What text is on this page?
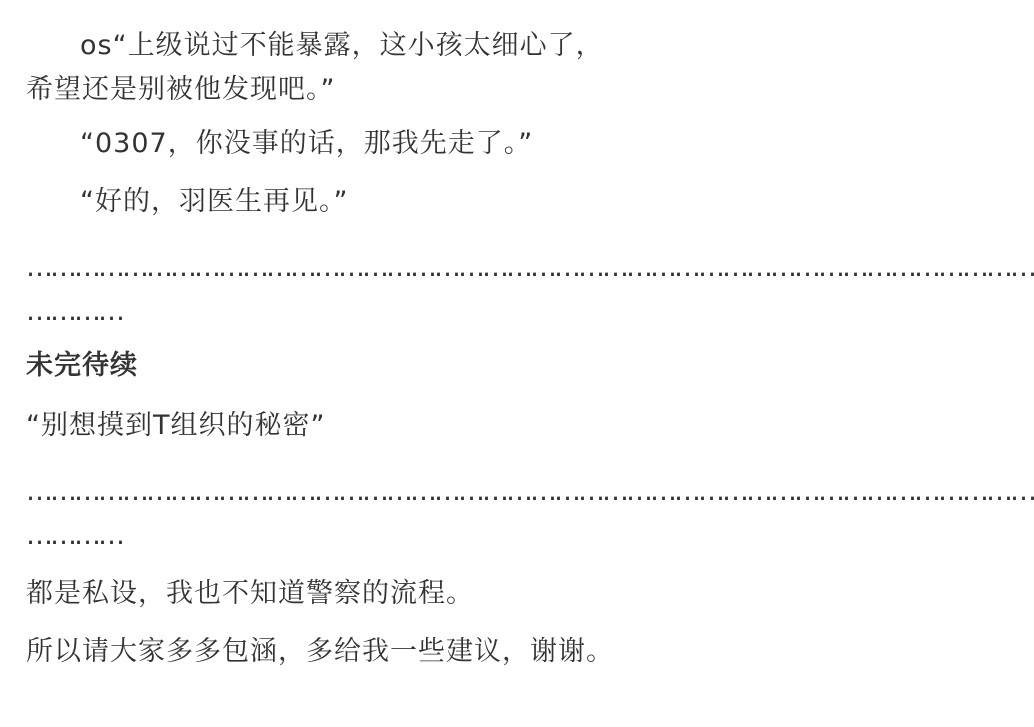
os“上级说过不能暴露，这小孩太细心了，希望还是别被他发现吧。”
“0307，你没事的话，那我先走了。”
“好的，羽医生再见。”
………………………………………………………………………………………………………………
…………
未完待续
“别想摸到T组织的秘密”
………………………………………………………………………………………………………………
…………
都是私设，我也不知道警察的流程。
所以请大家多多包涵，多给我一些建议，谢谢。
